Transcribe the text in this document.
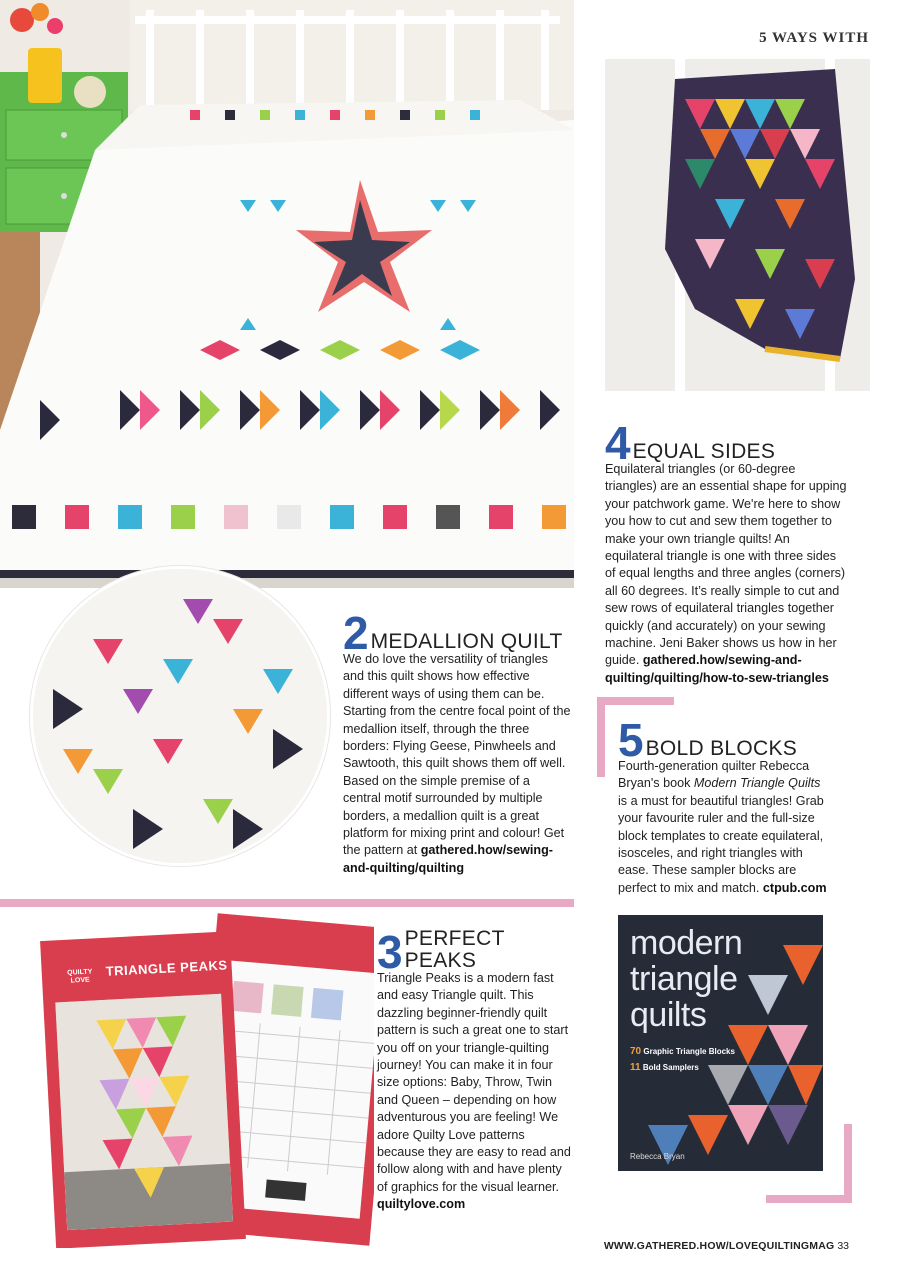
5 WAYS WITH
QUILTY LOVE
TRIANGLE PEAKS
modern
triangle
quilts
70 Graphic Triangle Blocks
11 Bold Samplers
Rebecca Bryan
2 MEDALLION QUILT
We do love the versatility of triangles and this quilt shows how effective different ways of using them can be. Starting from the centre focal point of the medallion itself, through the three borders: Flying Geese, Pinwheels and Sawtooth, this quilt shows them off well. Based on the simple premise of a central motif surrounded by multiple borders, a medallion quilt is a great platform for mixing print and colour! Get the pattern at gathered.how/sewing-and-quilting/quilting
3 PERFECT PEAKS
Triangle Peaks is a modern fast and easy Triangle quilt. This dazzling beginner-friendly quilt pattern is such a great one to start you off on your triangle-quilting journey! You can make it in four size options: Baby, Throw, Twin and Queen – depending on how adventurous you are feeling! We adore Quilty Love patterns because they are easy to read and follow along with and have plenty of graphics for the visual learner. quiltylove.com
4 EQUAL SIDES
Equilateral triangles (or 60-degree triangles) are an essential shape for upping your patchwork game. We're here to show you how to cut and sew them together to make your own triangle quilts! An equilateral triangle is one with three sides of equal lengths and three angles (corners) all 60 degrees. It’s really simple to cut and sew rows of equilateral triangles together quickly (and accurately) on your sewing machine. Jeni Baker shows us how in her guide. gathered.how/sewing-and-quilting/quilting/how-to-sew-triangles
5 BOLD BLOCKS
Fourth-generation quilter Rebecca Bryan's book Modern Triangle Quilts is a must for beautiful triangles! Grab your favourite ruler and the full-size block templates to create equilateral, isosceles, and right triangles with ease. These sampler blocks are perfect to mix and match. ctpub.com
WWW.GATHERED.HOW/LOVEQUILTINGMAG 33
